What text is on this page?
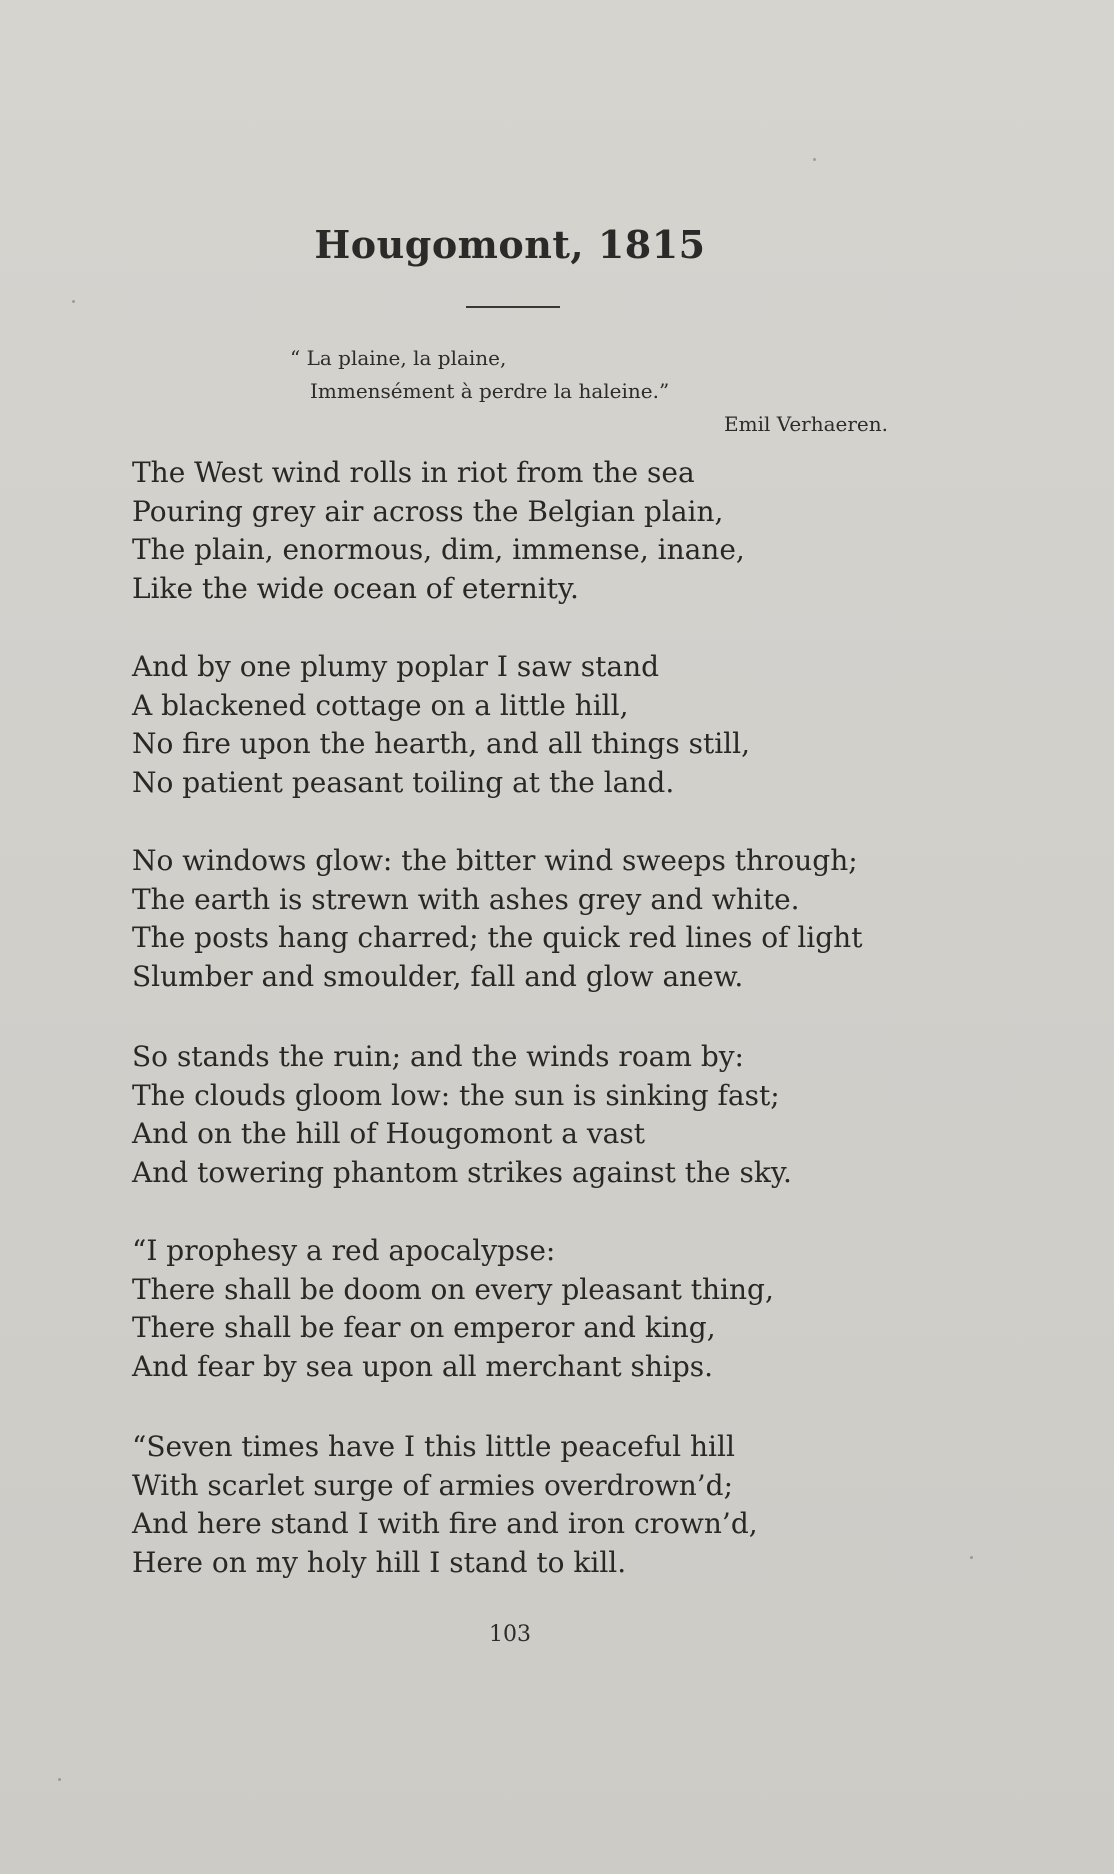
Hougomont, 1815
“ La plaine, la plaine,
Immensément à perdre la haleine.”
Emil Verhaeren.
The West wind rolls in riot from the sea
Pouring grey air across the Belgian plain,
The plain, enormous, dim, immense, inane,
Like the wide ocean of eternity.
And by one plumy poplar I saw stand
A blackened cottage on a little hill,
No fire upon the hearth, and all things still,
No patient peasant toiling at the land.
No windows glow: the bitter wind sweeps through;
The earth is strewn with ashes grey and white.
The posts hang charred; the quick red lines of light
Slumber and smoulder, fall and glow anew.
So stands the ruin; and the winds roam by:
The clouds gloom low: the sun is sinking fast;
And on the hill of Hougomont a vast
And towering phantom strikes against the sky.
“I prophesy a red apocalypse:
There shall be doom on every pleasant thing,
There shall be fear on emperor and king,
And fear by sea upon all merchant ships.
“Seven times have I this little peaceful hill
With scarlet surge of armies overdrown’d;
And here stand I with fire and iron crown’d,
Here on my holy hill I stand to kill.
103
